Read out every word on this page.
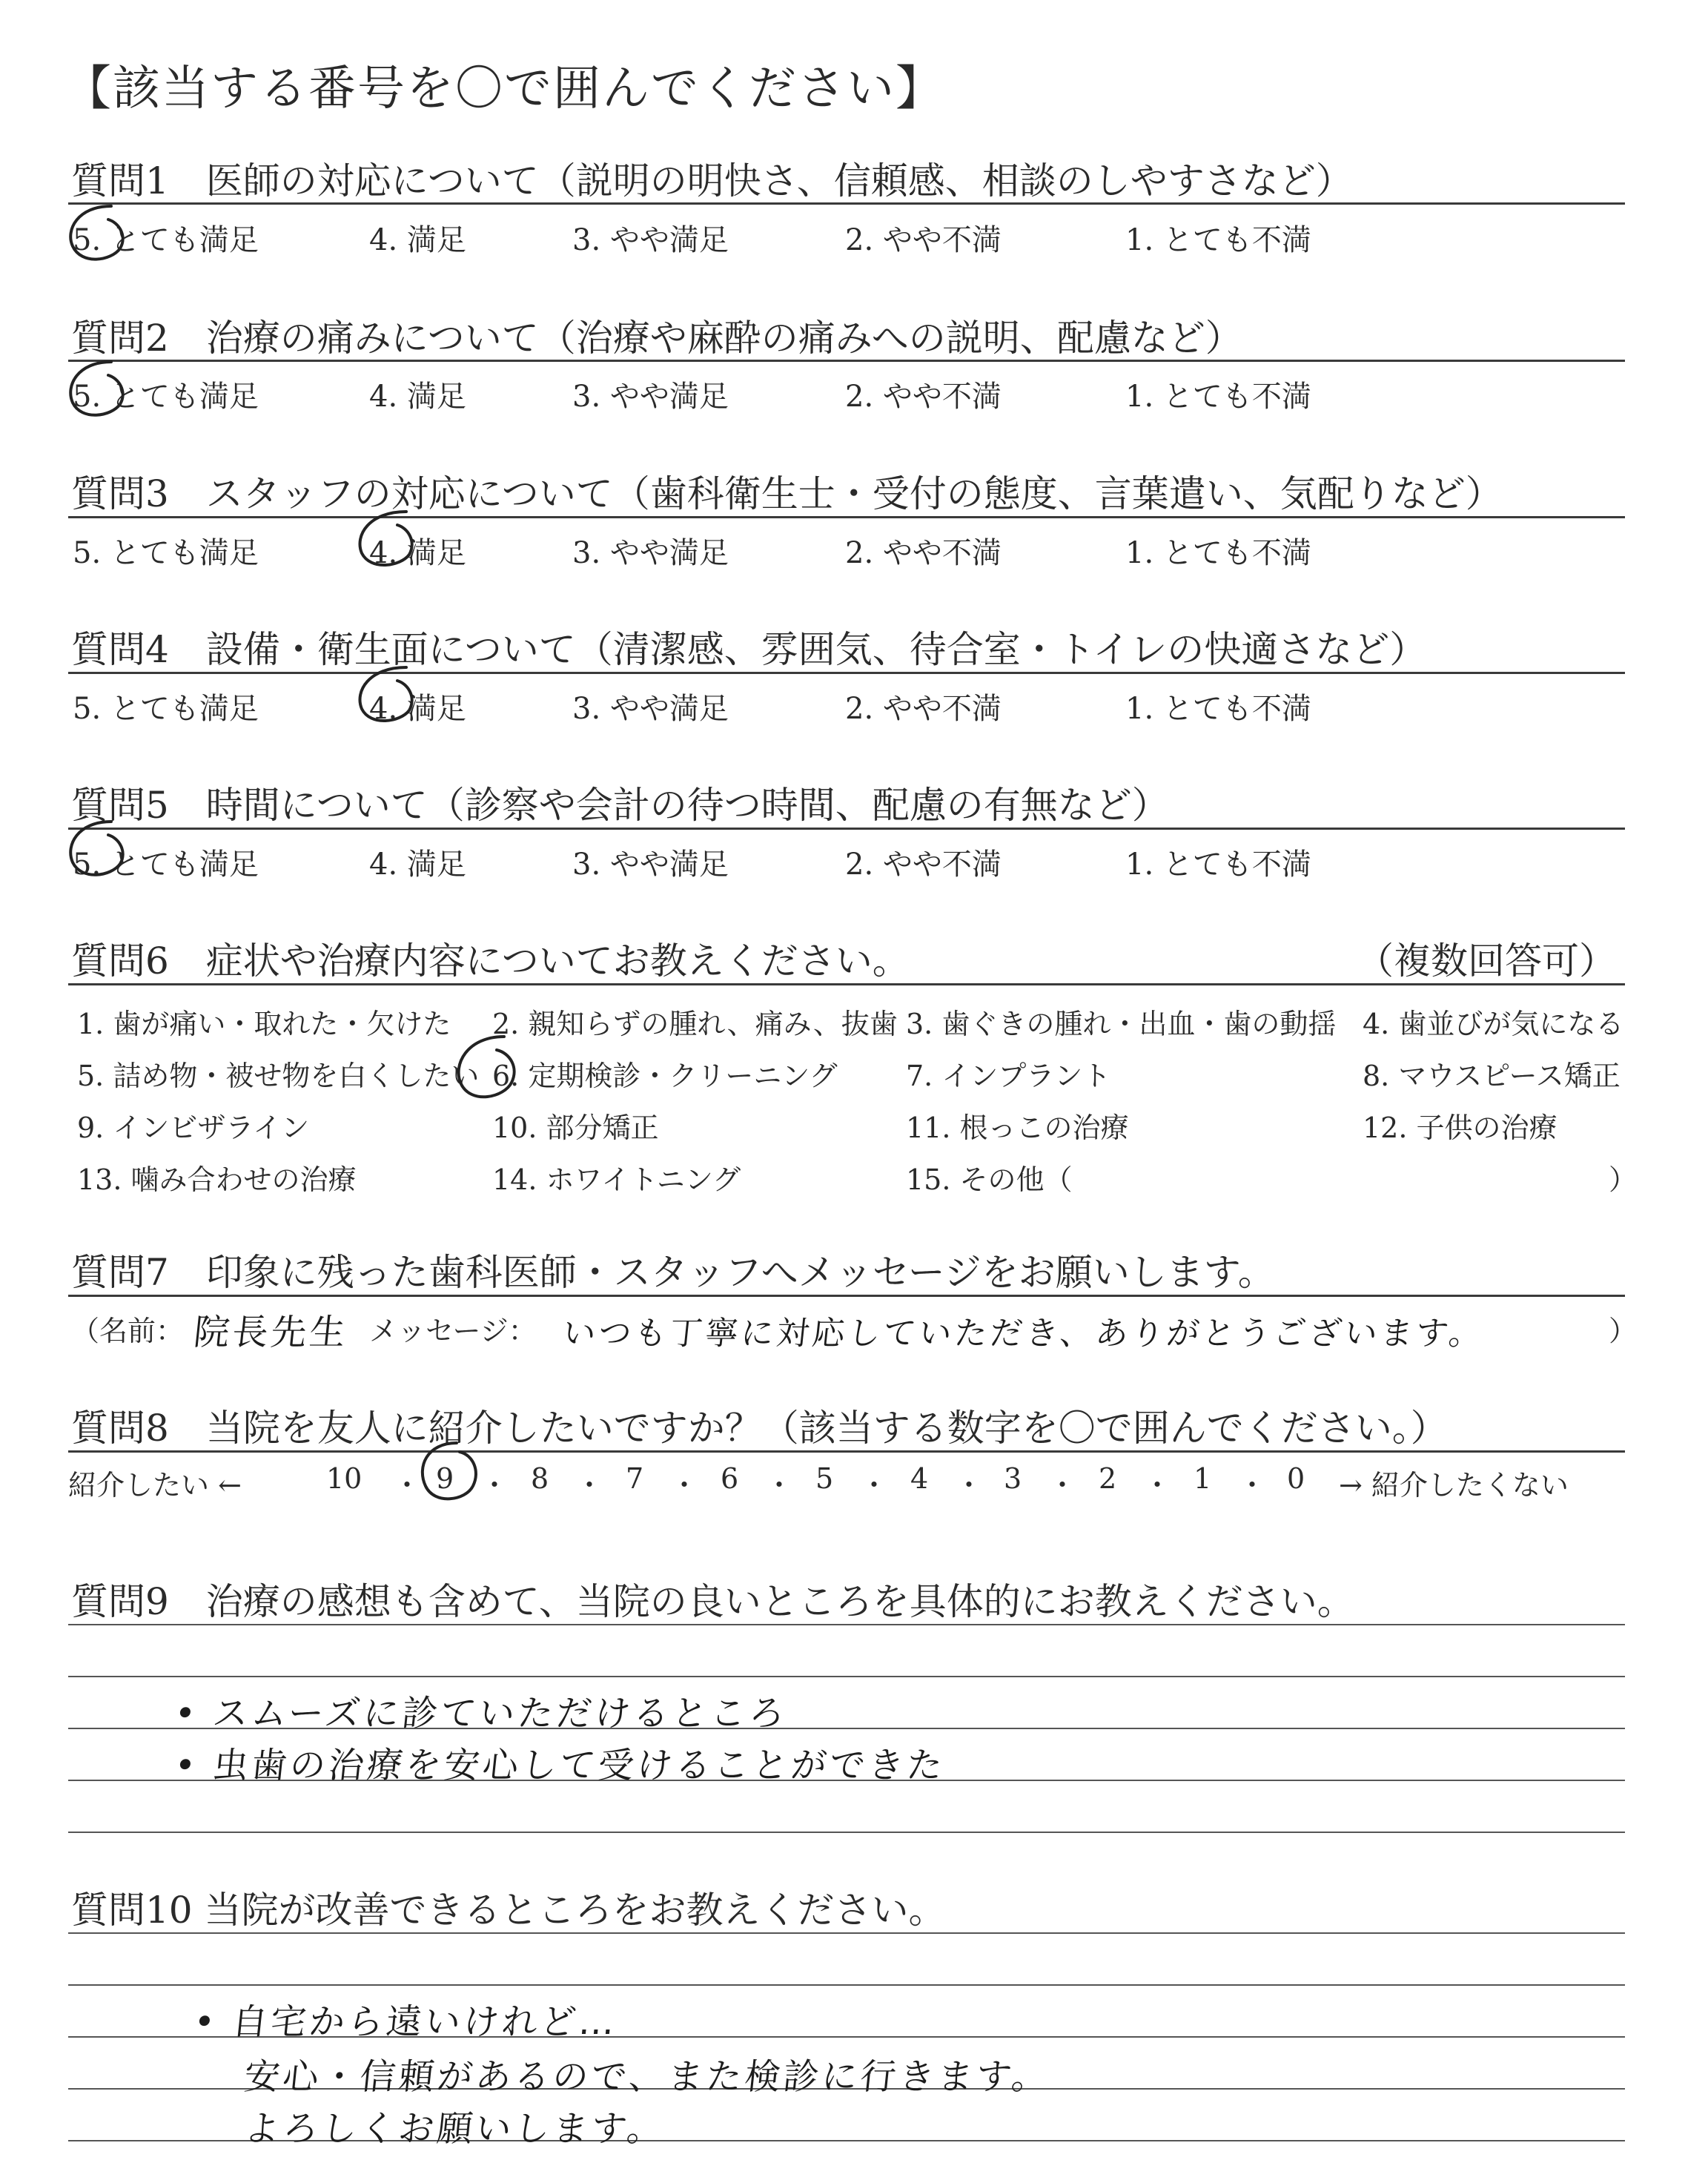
【該当する番号を〇で囲んでください】
質問1　医師の対応について（説明の明快さ、信頼感、相談のしやすさなど）
5. とても満足	4. 満足	3. やや満足	2. やや不満	1. とても不満
質問2　治療の痛みについて（治療や麻酔の痛みへの説明、配慮など）
5. とても満足	4. 満足	3. やや満足	2. やや不満	1. とても不満
質問3　スタッフの対応について（歯科衛生士・受付の態度、言葉遣い、気配りなど）
5. とても満足	4. 満足	3. やや満足	2. やや不満	1. とても不満
質問4　設備・衛生面について（清潔感、雰囲気、待合室・トイレの快適さなど）
5. とても満足	4. 満足	3. やや満足	2. やや不満	1. とても不満
質問5　時間について（診察や会計の待つ時間、配慮の有無など）
5. とても満足	4. 満足	3. やや満足	2. やや不満	1. とても不満
質問6　症状や治療内容についてお教えください。	（複数回答可）
1. 歯が痛い・取れた・欠けた 2. 親知らずの腫れ、痛み、抜歯 3. 歯ぐきの腫れ・出血・歯の動揺 4. 歯並びが気になる
5. 詰め物・被せ物を白くしたい 6. 定期検診・クリーニング 7. インプラント	8. マウスピース矯正
9. インビザライン	10. 部分矯正	11. 根っこの治療	12. 子供の治療
13. 噛み合わせの治療	14. ホワイトニング	15. その他（	）
質問7　印象に残った歯科医師・スタッフへメッセージをお願いします。
（名前： 院長先生 メッセージ： いつも丁寧に対応していただき、ありがとうございます。	）
質問8　当院を友人に紹介したいですか？（該当する数字を〇で囲んでください。）
紹介したい ←	10	9	8	7	6	5	4	3	2	1	0
・ ・ ・ ・ ・ ・ ・ ・ ・ ・	→ 紹介したくない
質問9　治療の感想も含めて、当院の良いところを具体的にお教えください。
• スムーズに診ていただけるところ
• 虫歯の治療を安心して受けることができた
質問10 当院が改善できるところをお教えください。
• 自宅から遠いけれど…
安心・信頼があるので、また検診に行きます。
よろしくお願いします。
